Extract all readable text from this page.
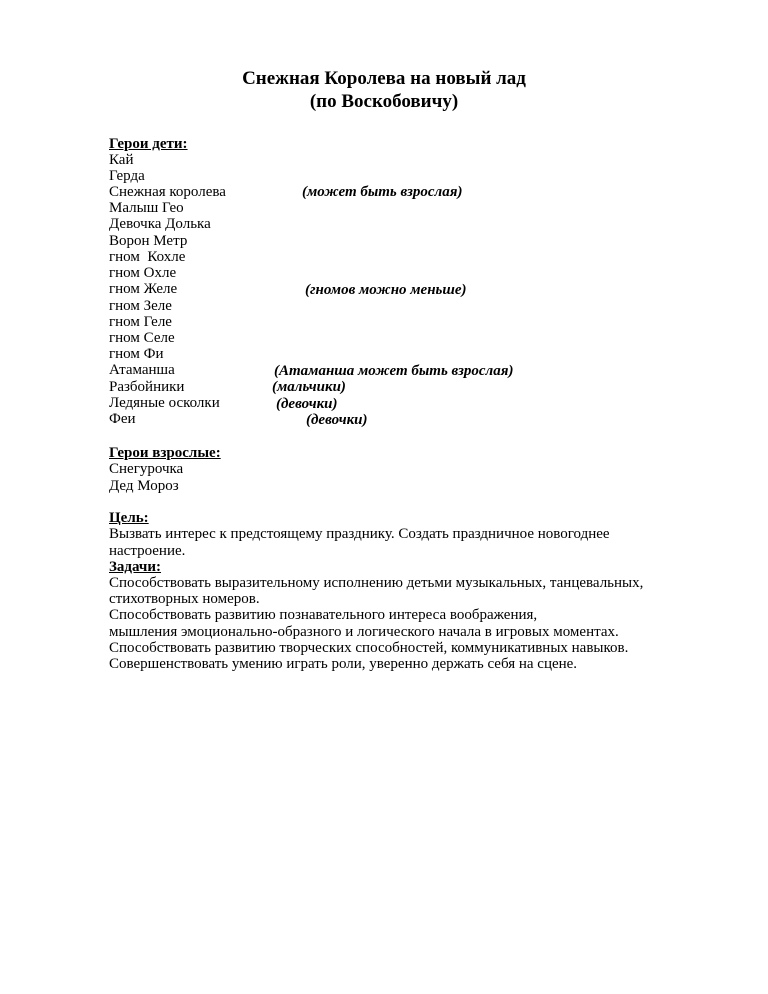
Снежная Королева на новый лад
(по Воскобовичу)
Герои дети:
Кай
Герда
Снежная королева	(может быть взрослая)
Малыш Гео
Девочка Долька
Ворон Метр
гном  Кохле
гном Охле
гном Желе	(гномов можно меньше)
гном Зеле
гном Геле
гном Селе
гном Фи
Атаманша	(Атаманша может быть взрослая)
Разбойники	(мальчики)
Ледяные осколки	(девочки)
Феи	(девочки)
Герои взрослые:
Снегурочка
Дед Мороз
Цель:
Вызвать интерес к предстоящему празднику. Создать праздничное новогоднее
настроение.
Задачи:
Способствовать выразительному исполнению детьми музыкальных, танцевальных,
стихотворных номеров.
Способствовать развитию познавательного интереса воображения,
мышления эмоционально-образного и логического начала в игровых моментах.
Способствовать развитию творческих способностей, коммуникативных навыков.
Совершенствовать умению играть роли, уверенно держать себя на сцене.
